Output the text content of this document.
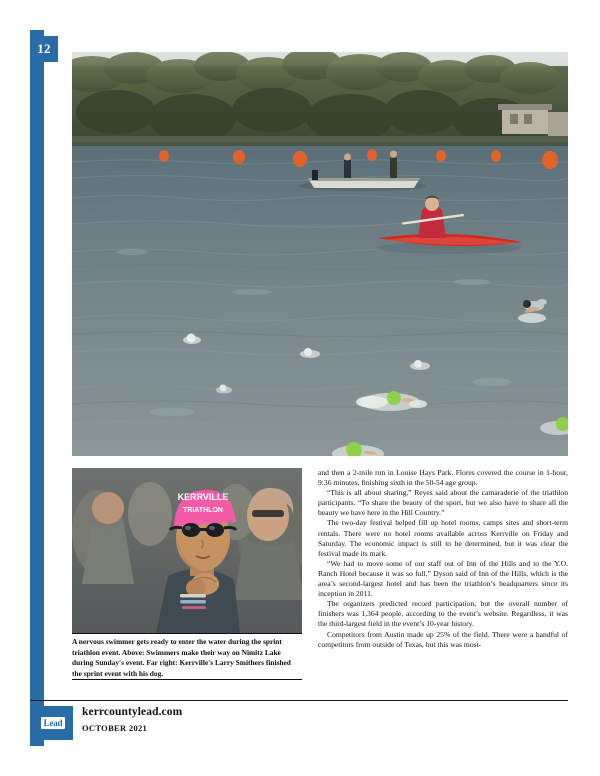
12
KERRVILLE
TRIATHLON
A nervous swimmer gets ready to enter the water during the sprint triathlon event. Above: Swimmers make their way on Nimitz Lake during Sunday's event. Far right: Kerrville's Larry Smithers finished the sprint event with his dog.

and then a 2-mile run in Louise Hays Park. Flores covered the course in 1-hour, 9:36 minutes, finishing sixth in the 50-54 age group.

“This is all about sharing,” Reyes said about the camaraderie of the triathlon participants. “To share the beauty of the sport, but we also have to share all the beauty we have here in the Hill Country.”

The two-day festival helped fill up hotel rooms, camps sites and short-term rentals. There were no hotel rooms available across Kerrville on Friday and Saturday. The economic impact is still to be determined, but it was clear the festival made its mark.

“We had to move some of our staff out of Inn of the Hills and to the Y.O. Ranch Hotel because it was so full,” Dyson said of Inn of the Hills, which is the area’s second-largest hotel and has been the triathlon’s headquarters since its inception in 2011.

The organizers predicted record participation, but the overall number of finishers was 1,364 people, according to the event’s website. Regardless, it was the third-largest field in the event’s 10-year history.

Competitors from Austin made up 25% of the field. There were a handful of competitors from outside of Texas, but this was most-

Lead
kerrcountylead.com
OCTOBER 2021
